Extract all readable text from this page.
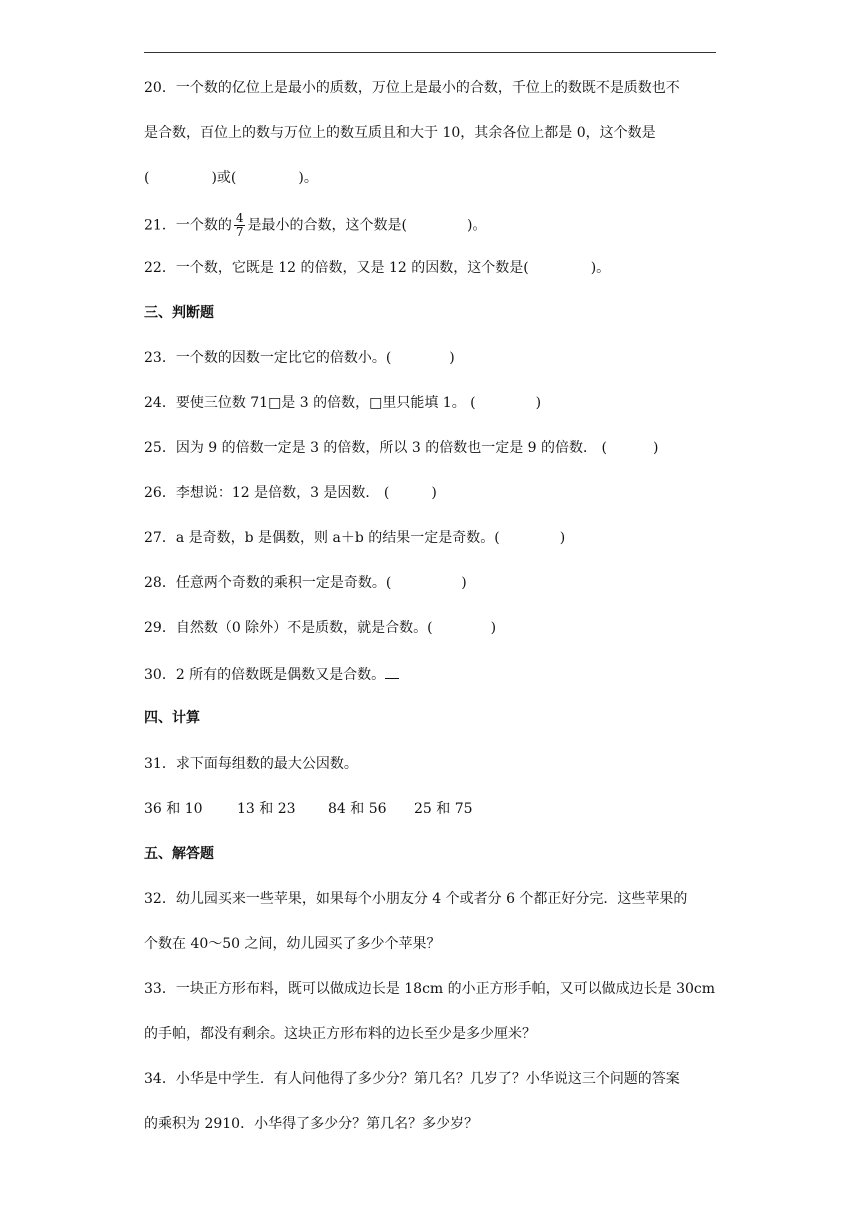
20．一个数的亿位上是最小的质数，万位上是最小的合数，千位上的数既不是质数也不
是合数，百位上的数与万位上的数互质且和大于 10，其余各位上都是 0，这个数是
(	)或(	)。
21．一个数的 $\frac{4}{7}$ 是最小的合数，这个数是(	)。
22．一个数，它既是 12 的倍数，又是 12 的因数，这个数是(	)。
三、判断题
23．一个数的因数一定比它的倍数小。(	)
24．要使三位数 71□是 3 的倍数，□里只能填 1。 (	)
25．因为 9 的倍数一定是 3 的倍数，所以 3 的倍数也一定是 9 的倍数． (	)
26．李想说：12 是倍数，3 是因数． (	)
27．a 是奇数，b 是偶数，则 a＋b 的结果一定是奇数。(	)
28．任意两个奇数的乘积一定是奇数。(	)
29．自然数（0 除外）不是质数，就是合数。(	)
30．2 所有的倍数既是偶数又是合数。
四、计算
31．求下面每组数的最大公因数。
36 和 10 13 和 23 84 和 56 25 和 75
五、解答题
32．幼儿园买来一些苹果，如果每个小朋友分 4 个或者分 6 个都正好分完．这些苹果的
个数在 40～50 之间，幼儿园买了多少个苹果？
33．一块正方形布料，既可以做成边长是 18cm 的小正方形手帕，又可以做成边长是 30cm
的手帕，都没有剩余。这块正方形布料的边长至少是多少厘米？
34．小华是中学生．有人问他得了多少分？第几名？几岁了？小华说这三个问题的答案
的乘积为 2910．小华得了多少分？第几名？多少岁？
